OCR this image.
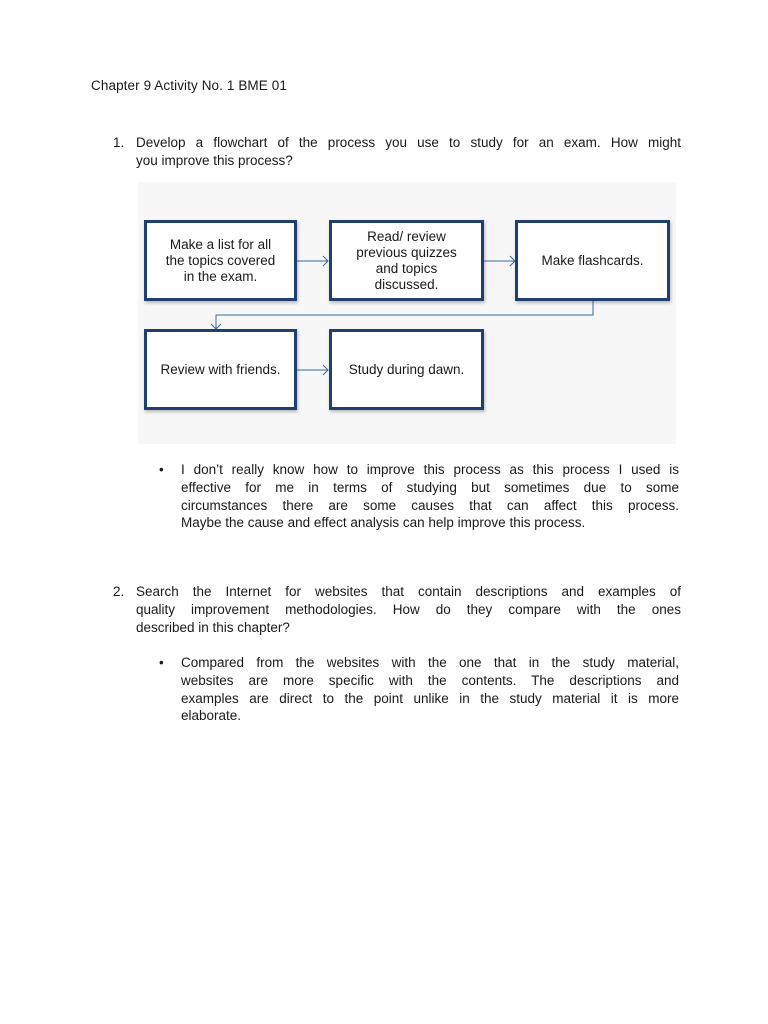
Chapter 9 Activity No. 1 BME 01
1. Develop a flowchart of the process you use to study for an exam. How might
you improve this process?
Make a list for all
the topics covered
in the exam.
Read/ review
previous quizzes
and topics
discussed.
Make flashcards.
Review with friends.	Study during dawn.
• I don’t really know how to improve this process as this process I used is
effective for me in terms of studying but sometimes due to some
circumstances there are some causes that can affect this process.
Maybe the cause and effect analysis can help improve this process.
2. Search the Internet for websites that contain descriptions and examples of
quality improvement methodologies. How do they compare with the ones
described in this chapter?
• Compared from the websites with the one that in the study material,
websites are more specific with the contents. The descriptions and
examples are direct to the point unlike in the study material it is more
elaborate.
